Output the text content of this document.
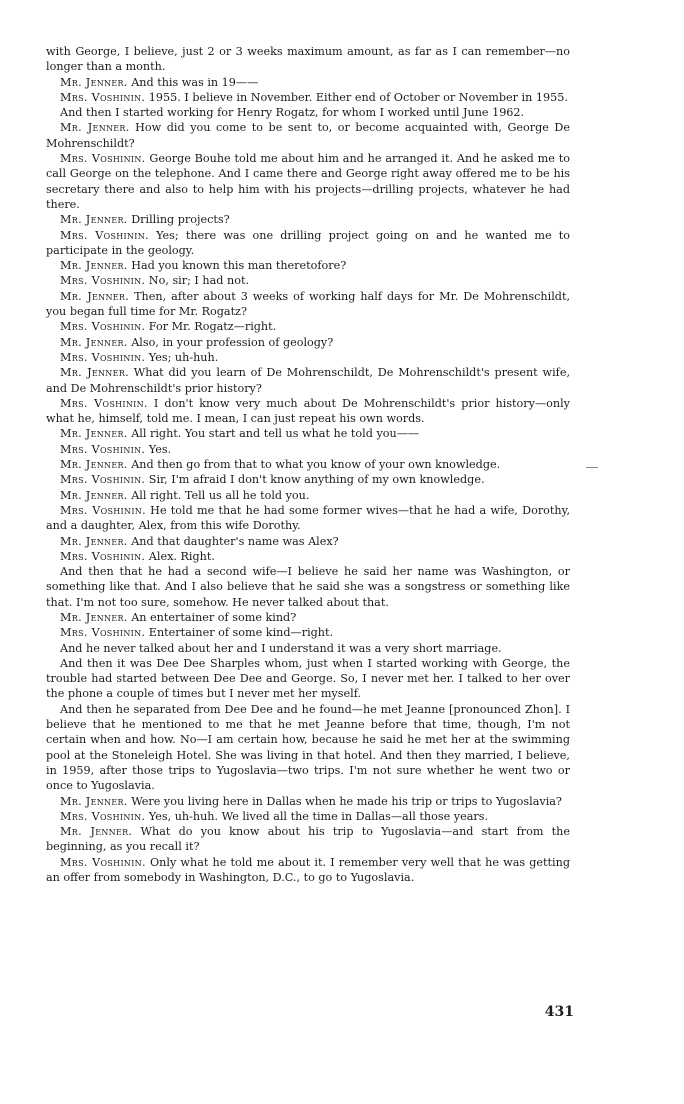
with George, I believe, just 2 or 3 weeks maximum amount, as far as I can remember—no longer than a month.

Mr. Jenner. And this was in 19——

Mrs. Voshinin. 1955. I believe in November. Either end of October or November in 1955.

And then I started working for Henry Rogatz, for whom I worked until June 1962.

Mr. Jenner. How did you come to be sent to, or become acquainted with, George De Mohrenschildt?

Mrs. Voshinin. George Bouhe told me about him and he arranged it. And he asked me to call George on the telephone. And I came there and George right away offered me to be his secretary there and also to help him with his projects—drilling projects, whatever he had there.

Mr. Jenner. Drilling projects?

Mrs. Voshinin. Yes; there was one drilling project going on and he wanted me to participate in the geology.

Mr. Jenner. Had you known this man theretofore?

Mrs. Voshinin. No, sir; I had not.

Mr. Jenner. Then, after about 3 weeks of working half days for Mr. De Mohrenschildt, you began full time for Mr. Rogatz?

Mrs. Voshinin. For Mr. Rogatz—right.

Mr. Jenner. Also, in your profession of geology?

Mrs. Voshinin. Yes; uh-huh.

Mr. Jenner. What did you learn of De Mohrenschildt, De Mohrenschildt's present wife, and De Mohrenschildt's prior history?

Mrs. Voshinin. I don't know very much about De Mohrenschildt's prior history—only what he, himself, told me. I mean, I can just repeat his own words.

Mr. Jenner. All right. You start and tell us what he told you——

Mrs. Voshinin. Yes.

Mr. Jenner. And then go from that to what you know of your own knowledge.

Mrs. Voshinin. Sir, I'm afraid I don't know anything of my own knowledge.

Mr. Jenner. All right. Tell us all he told you.

Mrs. Voshinin. He told me that he had some former wives—that he had a wife, Dorothy, and a daughter, Alex, from this wife Dorothy.

Mr. Jenner. And that daughter's name was Alex?

Mrs. Voshinin. Alex. Right.

And then that he had a second wife—I believe he said her name was Washington, or something like that. And I also believe that he said she was a songstress or something like that. I'm not too sure, somehow. He never talked about that.

Mr. Jenner. An entertainer of some kind?

Mrs. Voshinin. Entertainer of some kind—right.

And he never talked about her and I understand it was a very short marriage.

And then it was Dee Dee Sharples whom, just when I started working with George, the trouble had started between Dee Dee and George. So, I never met her. I talked to her over the phone a couple of times but I never met her myself.

And then he separated from Dee Dee and he found—he met Jeanne [pronounced Zhon]. I believe that he mentioned to me that he met Jeanne before that time, though, I'm not certain when and how. No—I am certain how, because he said he met her at the swimming pool at the Stoneleigh Hotel. She was living in that hotel. And then they married, I believe, in 1959, after those trips to Yugoslavia—two trips. I'm not sure whether he went two or once to Yugoslavia.

Mr. Jenner. Were you living here in Dallas when he made his trip or trips to Yugoslavia?

Mrs. Voshinin. Yes, uh-huh. We lived all the time in Dallas—all those years.

Mr. Jenner. What do you know about his trip to Yugoslavia—and start from the beginning, as you recall it?

Mrs. Voshinin. Only what he told me about it. I remember very well that he was getting an offer from somebody in Washington, D.C., to go to Yugoslavia.

431
